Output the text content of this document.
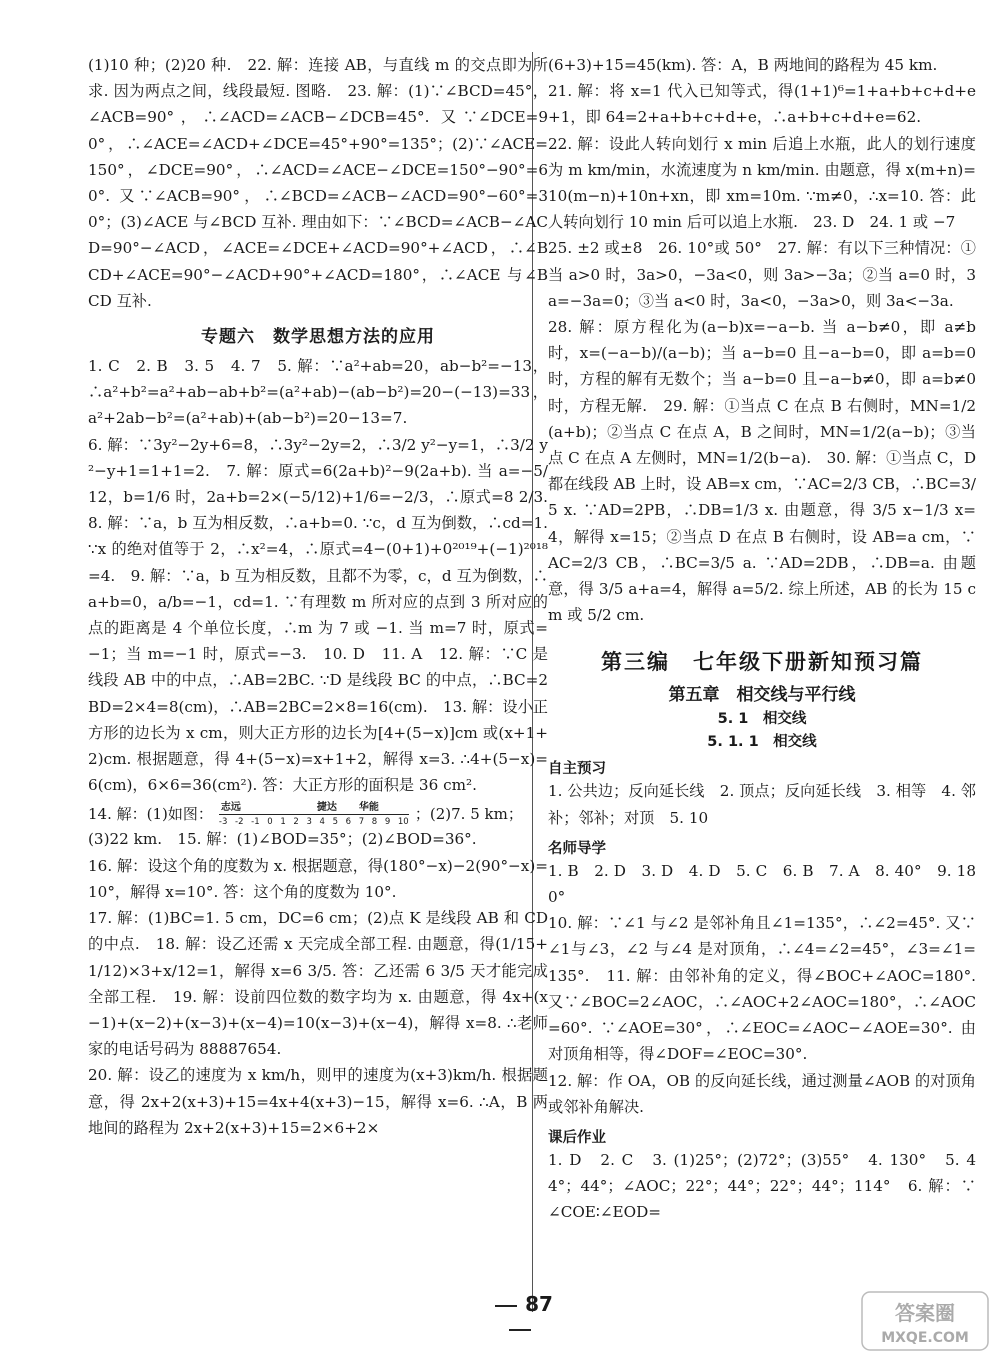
(1)10 种；(2)20 种.　22. 解：连接 AB，与直线 m 的交点即为所求. 因为两点之间，线段最短. 图略.　23. 解：(1)∵∠BCD=45°，∠ACB=90°，∴∠ACD=∠ACB−∠DCB=45°. 又∵∠DCE=90°，∴∠ACE=∠ACD+∠DCE=45°+90°=135°；(2)∵∠ACE=150°，∠DCE=90°，∴∠ACD=∠ACE−∠DCE=150°−90°=60°. 又∵∠ACB=90°，∴∠BCD=∠ACB−∠ACD=90°−60°=30°；(3)∠ACE 与∠BCD 互补. 理由如下：∵∠BCD=∠ACB−∠ACD=90°−∠ACD，∠ACE=∠DCE+∠ACD=90°+∠ACD，∴∠BCD+∠ACE=90°−∠ACD+90°+∠ACD=180°，∴∠ACE 与∠BCD 互补.

专题六　数学思想方法的应用

1. C　2. B　3. 5　4. 7　5. 解：∵a²+ab=20，ab−b²=−13，∴a²+b²=a²+ab−ab+b²=(a²+ab)−(ab−b²)=20−(−13)=33，a²+2ab−b²=(a²+ab)+(ab−b²)=20−13=7.

6. 解：∵3y²−2y+6=8，∴3y²−2y=2，∴3/2 y²−y=1，∴3/2 y²−y+1=1+1=2.　7. 解：原式=6(2a+b)²−9(2a+b). 当 a=−5/12，b=1/6 时，2a+b=2×(−5/12)+1/6=−2/3，∴原式=8 2/3.　8. 解：∵a，b 互为相反数，∴a+b=0. ∵c，d 互为倒数，∴cd=1. ∵x 的绝对值等于 2，∴x²=4，∴原式=4−(0+1)+0²⁰¹⁹+(−1)²⁰¹⁸=4.　9. 解：∵a，b 互为相反数，且都不为零，c，d 互为倒数，∴a+b=0，a/b=−1，cd=1. ∵有理数 m 所对应的点到 3 所对应的点的距离是 4 个单位长度，∴m 为 7 或 −1. 当 m=7 时，原式=−1；当 m=−1 时，原式=−3.　10. D　11. A　12. 解：∵C 是线段 AB 中的中点，∴AB=2BC. ∵D 是线段 BC 的中点，∴BC=2BD=2×4=8(cm)，∴AB=2BC=2×8=16(cm).　13. 解：设小正方形的边长为 x cm，则大正方形的边长为[4+(5−x)]cm 或(x+1+2)cm. 根据题意，得 4+(5−x)=x+1+2，解得 x=3. ∴4+(5−x)=6(cm)，6×6=36(cm²). 答：大正方形的面积是 36 cm².

14. 解：(1)如图： 志远	捷达 华能
-3 -2 -1 0 1 2 3 4 5 6 7 8 9 10 ；(2)7. 5 km；

(3)22 km.　15. 解：(1)∠BOD=35°；(2)∠BOD=36°.

16. 解：设这个角的度数为 x. 根据题意，得(180°−x)−2(90°−x)=10°，解得 x=10°. 答：这个角的度数为 10°.

17. 解：(1)BC=1. 5 cm，DC=6 cm；(2)点 K 是线段 AB 和 CD 的中点.　18. 解：设乙还需 x 天完成全部工程. 由题意，得(1/15+1/12)×3+x/12=1，解得 x=6 3/5. 答：乙还需 6 3/5 天才能完成全部工程.　19. 解：设前四位数的数字均为 x. 由题意，得 4x+(x−1)+(x−2)+(x−3)+(x−4)=10(x−3)+(x−4)，解得 x=8. ∴老师家的电话号码为 88887654.

20. 解：设乙的速度为 x km/h，则甲的速度为(x+3)km/h. 根据题意，得 2x+2(x+3)+15=4x+4(x+3)−15，解得 x=6. ∴A，B 两地间的路程为 2x+2(x+3)+15=2×6+2×

(6+3)+15=45(km). 答：A，B 两地间的路程为 45 km.

21. 解：将 x=1 代入已知等式，得(1+1)⁶=1+a+b+c+d+e+1，即 64=2+a+b+c+d+e，∴a+b+c+d+e=62.

22. 解：设此人转向划行 x min 后追上水瓶，此人的划行速度为 m km/min，水流速度为 n km/min. 由题意，得 x(m+n)=10(m−n)+10n+xn，即 xm=10m. ∵m≠0，∴x=10. 答：此人转向划行 10 min 后可以追上水瓶.　23. D　24. 1 或 −7

25. ±2 或±8　26. 10°或 50°　27. 解：有以下三种情况：①当 a>0 时，3a>0，−3a<0，则 3a>−3a；②当 a=0 时，3a=−3a=0；③当 a<0 时，3a<0，−3a>0，则 3a<−3a.

28. 解：原方程化为(a−b)x=−a−b. 当 a−b≠0，即 a≠b 时，x=(−a−b)/(a−b)；当 a−b=0 且−a−b=0，即 a=b=0 时，方程的解有无数个；当 a−b=0 且−a−b≠0，即 a=b≠0 时，方程无解.　29. 解：①当点 C 在点 B 右侧时，MN=1/2(a+b)；②当点 C 在点 A，B 之间时，MN=1/2(a−b)；③当点 C 在点 A 左侧时，MN=1/2(b−a).　30. 解：①当点 C，D 都在线段 AB 上时，设 AB=x cm，∵AC=2/3 CB，∴BC=3/5 x. ∵AD=2PB，∴DB=1/3 x. 由题意，得 3/5 x−1/3 x=4，解得 x=15；②当点 D 在点 B 右侧时，设 AB=a cm，∵AC=2/3 CB，∴BC=3/5 a. ∵AD=2DB，∴DB=a. 由题意，得 3/5 a+a=4，解得 a=5/2. 综上所述，AB 的长为 15 cm 或 5/2 cm.

第三编　七年级下册新知预习篇
第五章　相交线与平行线
5. 1　相交线
5. 1. 1　相交线
自主预习

1. 公共边；反向延长线　2. 顶点；反向延长线　3. 相等　4. 邻补；邻补；对顶　5. 10

名师导学

1. B　2. D　3. D　4. D　5. C　6. B　7. A　8. 40°　9. 180°

10. 解：∵∠1 与∠2 是邻补角且∠1=135°，∴∠2=45°. 又∵∠1与∠3，∠2 与∠4 是对顶角，∴∠4=∠2=45°，∠3=∠1=135°.　11. 解：由邻补角的定义，得∠BOC+∠AOC=180°. 又∵∠BOC=2∠AOC，∴∠AOC+2∠AOC=180°，∴∠AOC=60°. ∵∠AOE=30°，∴∠EOC=∠AOC−∠AOE=30°. 由对顶角相等，得∠DOF=∠EOC=30°.

12. 解：作 OA，OB 的反向延长线，通过测量∠AOB 的对顶角或邻补角解决.

课后作业

1. D　2. C　3. (1)25°；(2)72°；(3)55°　4. 130°　5. 44°；44°；∠AOC；22°；44°；22°；44°；114°　6. 解：∵∠COE∶∠EOD=

87	答案圈
MXQE.COM
